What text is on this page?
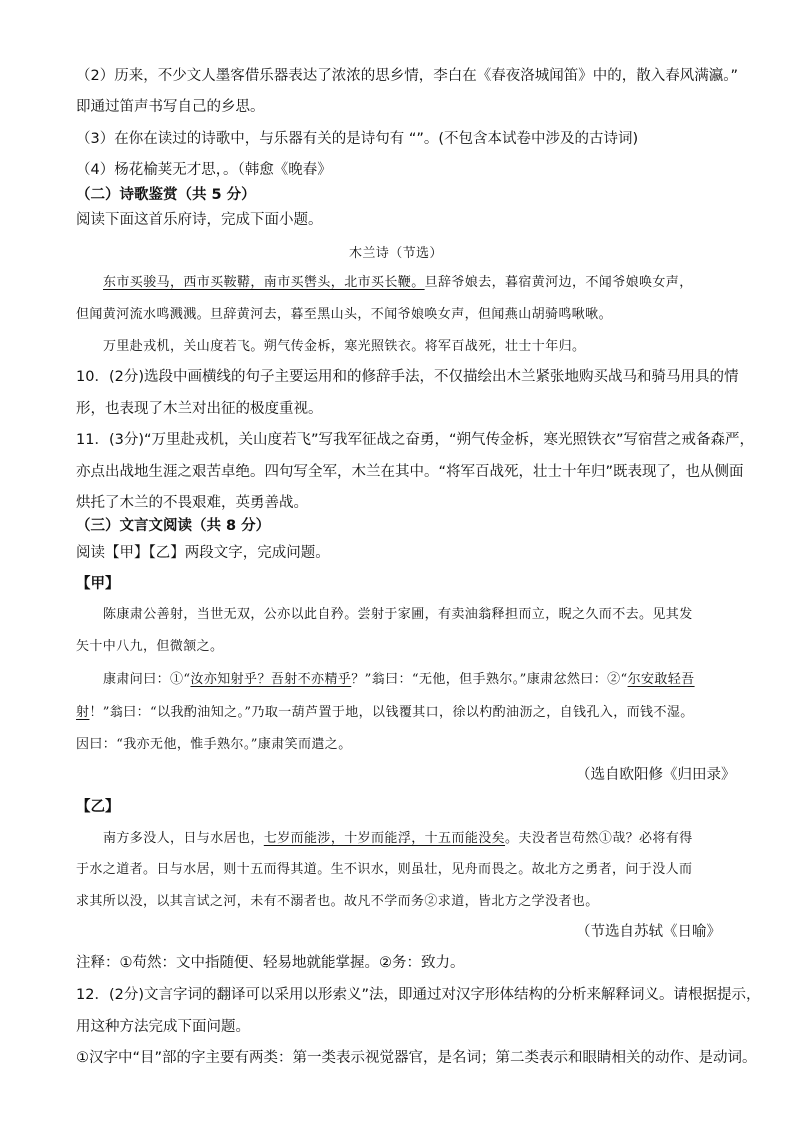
（2）历来，不少文人墨客借乐器表达了浓浓的思乡情，李白在《春夜洛城闻笛》中的，散入春风满瀛。”
即通过笛声书写自己的乡思。
（3）在你在读过的诗歌中，与乐器有关的是诗句有 “”。(不包含本试卷中涉及的古诗词)
（4）杨花榆荚无才思，。（韩愈《晚春》
（二）诗歌鉴赏（共 5 分）
阅读下面这首乐府诗，完成下面小题。
木兰诗（节选）
东市买骏马，西市买鞍鞯，南市买辔头，北市买长鞭。旦辞爷娘去，暮宿黄河边，不闻爷娘唤女声，
但闻黄河流水鸣溅溅。旦辞黄河去，暮至黑山头，不闻爷娘唤女声，但闻燕山胡骑鸣啾啾。
万里赴戎机，关山度若飞。朔气传金柝，寒光照铁衣。将军百战死，壮士十年归。
10．(2分)选段中画横线的句子主要运用和的修辞手法，不仅描绘出木兰紧张地购买战马和骑马用具的情
形，也表现了木兰对出征的极度重视。
11．(3分)“万里赴戎机，关山度若飞”写我军征战之奋勇，“朔气传金柝，寒光照铁衣”写宿营之戒备森严，
亦点出战地生涯之艰苦卓绝。四句写全军，木兰在其中。“将军百战死，壮士十年归”既表现了，也从侧面
烘托了木兰的不畏艰难，英勇善战。
（三）文言文阅读（共 8 分）
阅读【甲】【乙】两段文字，完成问题。
【甲】
陈康肃公善射，当世无双，公亦以此自矜。尝射于家圃，有卖油翁释担而立，睨之久而不去。见其发
矢十中八九，但微颔之。
康肃问曰：①“汝亦知射乎？吾射不亦精乎？”翁曰：“无他，但手熟尔。”康肃忿然曰：②“尔安敢轻吾
射！”翁曰：“以我酌油知之。”乃取一葫芦置于地，以钱覆其口，徐以杓酌油沥之，自钱孔入，而钱不湿。
因曰：“我亦无他，惟手熟尔。”康肃笑而遣之。
（选自欧阳修《归田录》
【乙】
南方多没人，日与水居也，七岁而能涉，十岁而能浮，十五而能没矣。夫没者岂苟然①哉？必将有得
于水之道者。日与水居，则十五而得其道。生不识水，则虽壮，见舟而畏之。故北方之勇者，问于没人而
求其所以没，以其言试之河，未有不溺者也。故凡不学而务②求道，皆北方之学没者也。
（节选自苏轼《日喻》
注释：①苟然：文中指随便、轻易地就能掌握。②务：致力。
12．(2分)文言字词的翻译可以采用以形索义”法，即通过对汉字形体结构的分析来解释词义。请根据提示，
用这种方法完成下面问题。
①汉字中“目”部的字主要有两类：第一类表示视觉器官，是名词；第二类表示和眼睛相关的动作、是动词。
